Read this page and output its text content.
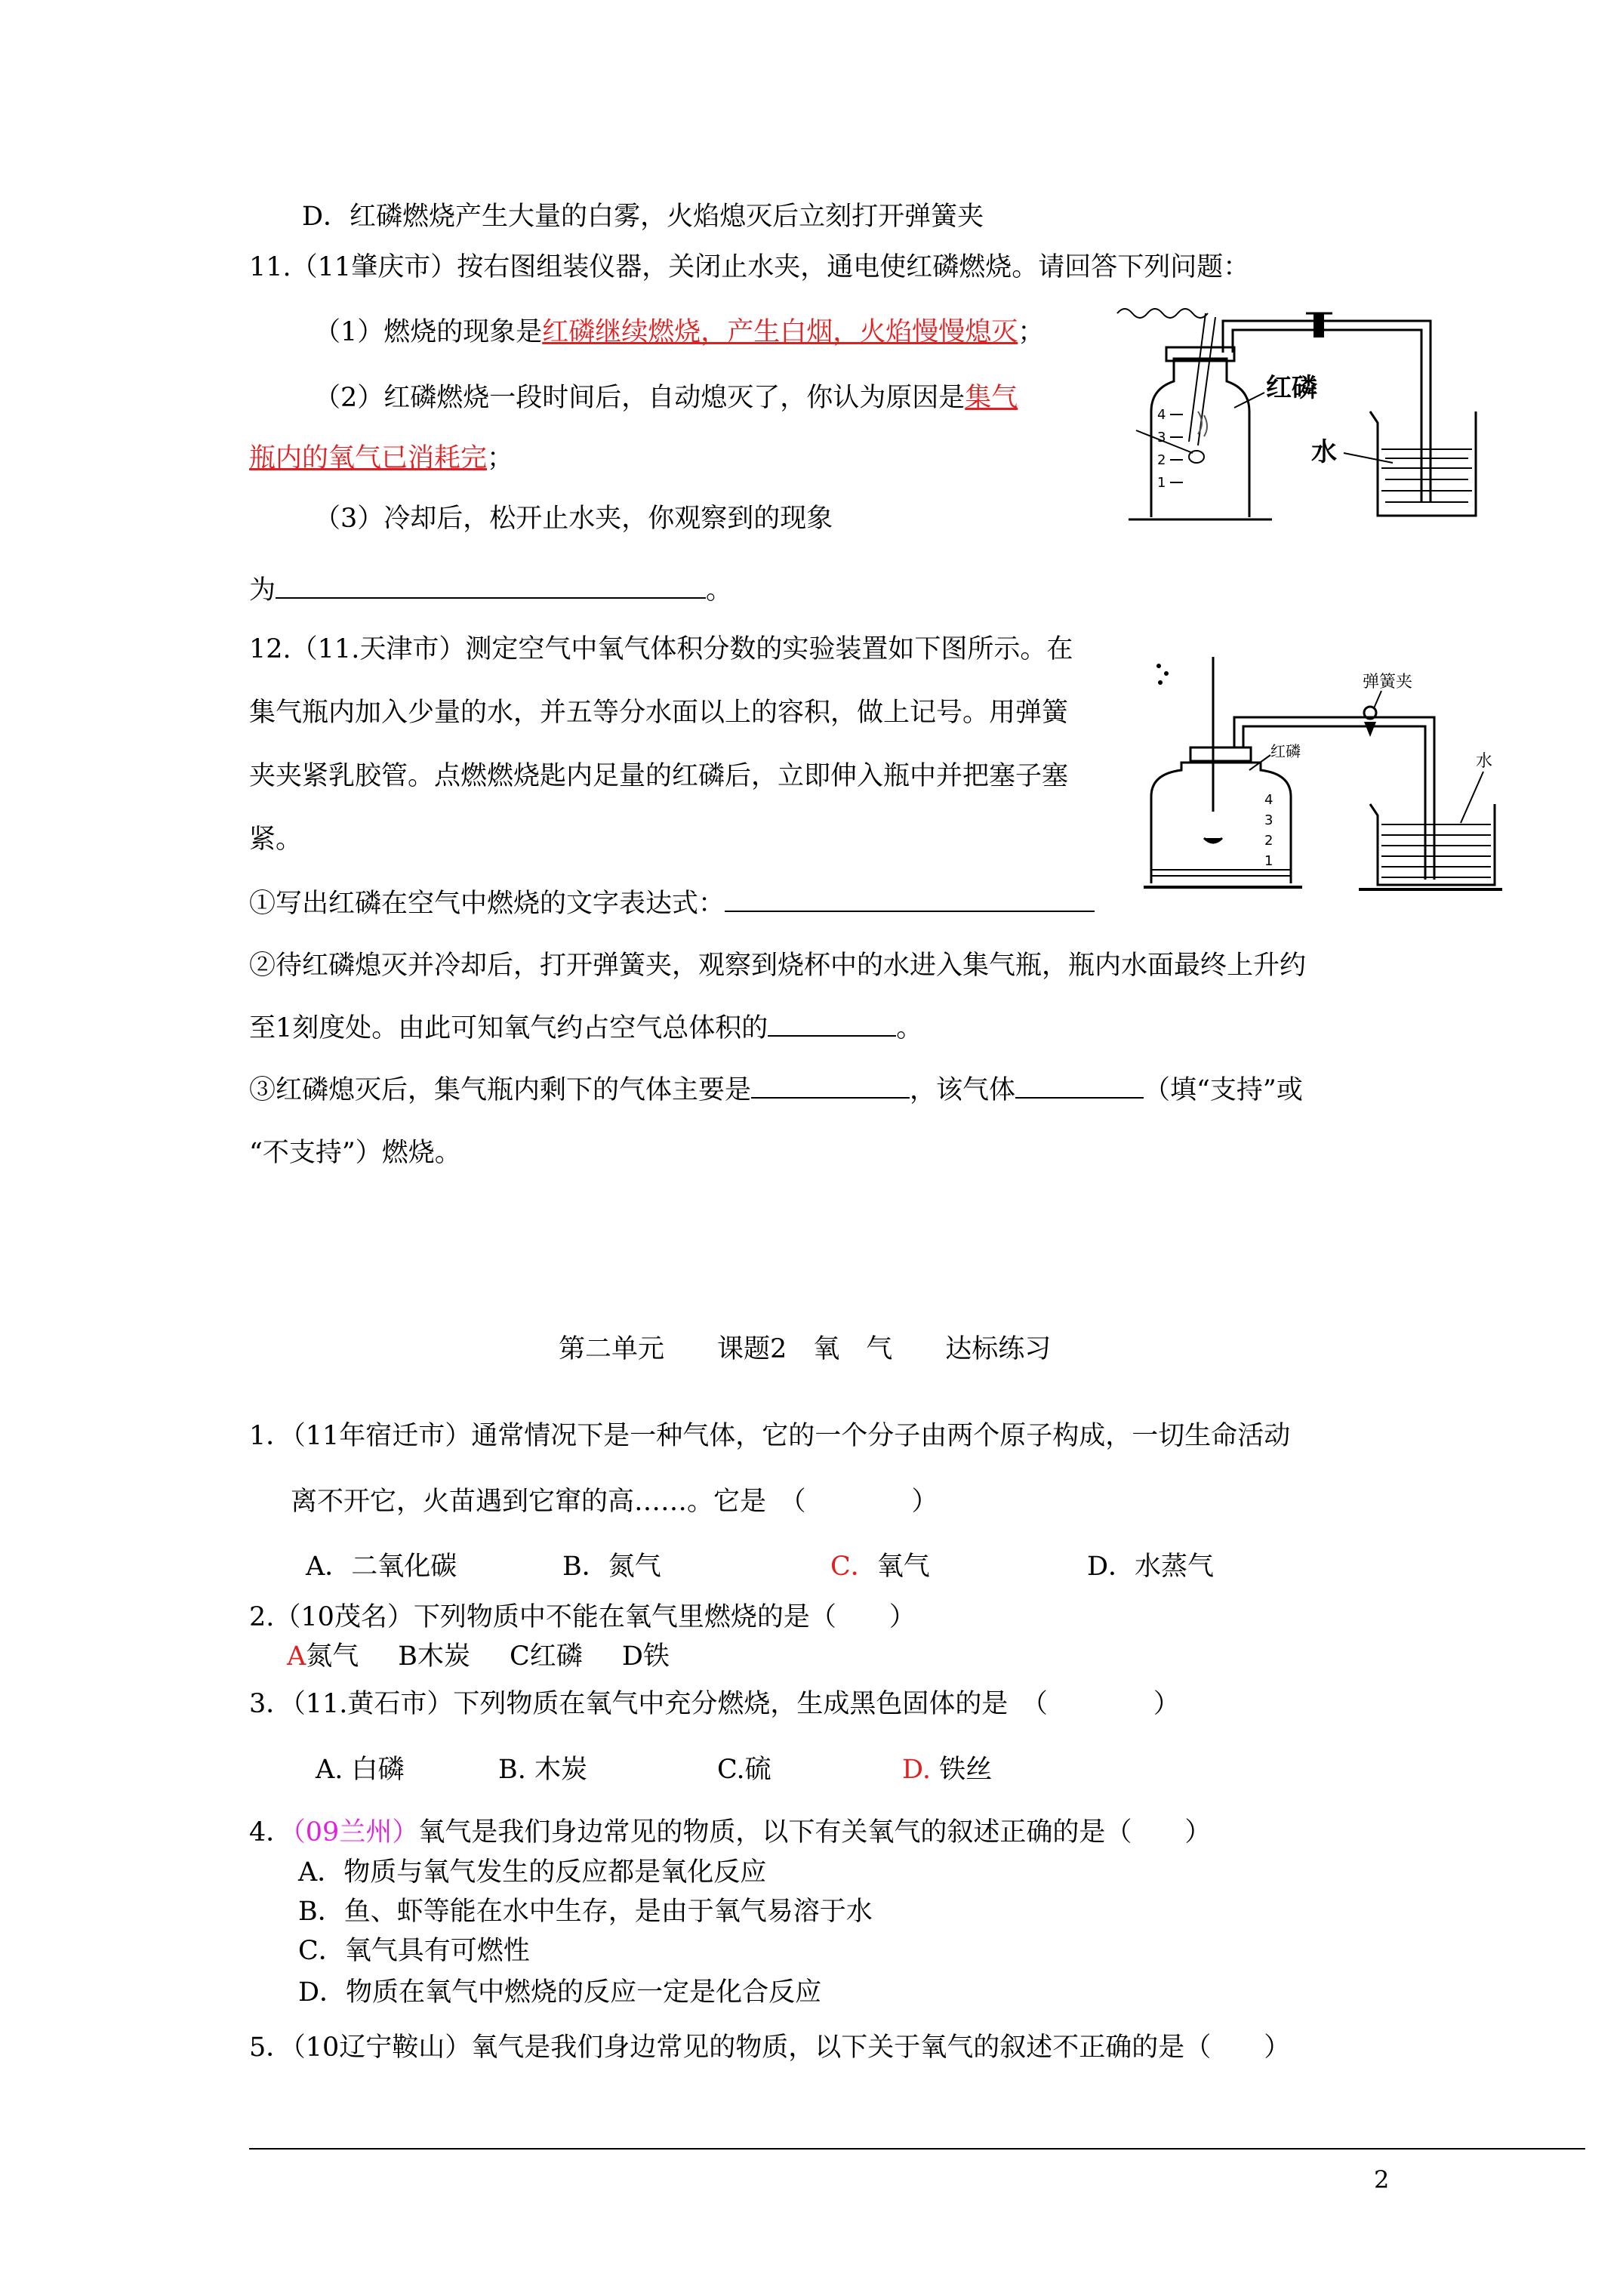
D．红磷燃烧产生大量的白雾，火焰熄灭后立刻打开弹簧夹
11.（11肇庆市）按右图组装仪器，关闭止水夹，通电使红磷燃烧。请回答下列问题：
（1）燃烧的现象是红磷继续燃烧，产生白烟，火焰慢慢熄灭；
（2）红磷燃烧一段时间后，自动熄灭了，你认为原因是集气
瓶内的氧气已消耗完；
（3）冷却后，松开止水夹，你观察到的现象
为	。
4
3
2
1
红磷
水
12.（11.天津市）测定空气中氧气体积分数的实验装置如下图所示。在
集气瓶内加入少量的水，并五等分水面以上的容积，做上记号。用弹簧
夹夹紧乳胶管。点燃燃烧匙内足量的红磷后，立即伸入瓶中并把塞子塞
紧。
①写出红磷在空气中燃烧的文字表达式：
②待红磷熄灭并冷却后，打开弹簧夹，观察到烧杯中的水进入集气瓶，瓶内水面最终上升约
至1刻度处。由此可知氧气约占空气总体积的	。
③红磷熄灭后，集气瓶内剩下的气体主要是	，该气体	（填“支持”或
“不支持”）燃烧。
4
3
2
1
红磷
弹簧夹
水
第二单元　　课题2　氧　气　　达标练习
1．（11年宿迁市）通常情况下是一种气体，它的一个分子由两个原子构成，一切生命活动
离不开它，火苗遇到它窜的高……。它是　（　　　　）
A．二氧化碳	B．氮气	C．氧气	D．水蒸气
2.（10茂名）下列物质中不能在氧气里燃烧的是（　　）
A氮气 B木炭 C红磷 D铁
3．（11.黄石市）下列物质在氧气中充分燃烧，生成黑色固体的是　（　　　　）
A. 白磷	B. 木炭	C.硫	D. 铁丝
4．（09兰州）氧气是我们身边常见的物质，以下有关氧气的叙述正确的是（　　）
A．物质与氧气发生的反应都是氧化反应
B．鱼、虾等能在水中生存，是由于氧气易溶于水
C．氧气具有可燃性
D．物质在氧气中燃烧的反应一定是化合反应
5．（10辽宁鞍山）氧气是我们身边常见的物质，以下关于氧气的叙述不正确的是（　　）
2
